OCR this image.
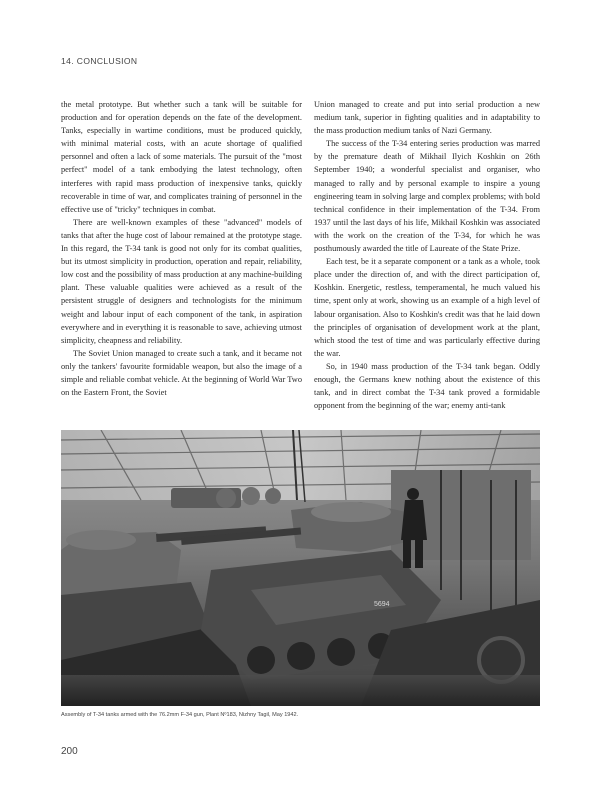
14. CONCLUSION

the metal prototype. But whether such a tank will be suitable for production and for operation depends on the fate of the development. Tanks, especially in wartime conditions, must be produced quickly, with minimal material costs, with an acute shortage of qualified personnel and often a lack of some materials. The pursuit of the "most perfect" model of a tank embodying the latest technology, often interferes with rapid mass production of inexpensive tanks, quickly recoverable in time of war, and complicates training of personnel in the effective use of "tricky" techniques in combat.

There are well-known examples of these "advanced" models of tanks that after the huge cost of labour remained at the prototype stage. In this regard, the T-34 tank is good not only for its combat qualities, but its utmost simplicity in production, operation and repair, reliability, low cost and the possibility of mass production at any machine-building plant. These valuable qualities were achieved as a result of the persistent struggle of designers and technologists for the minimum weight and labour input of each component of the tank, in aspiration everywhere and in everything it is reasonable to save, achieving utmost simplicity, cheapness and reliability.

The Soviet Union managed to create such a tank, and it became not only the tankers' favourite formidable weapon, but also the image of a simple and reliable combat vehicle. At the beginning of World War Two on the Eastern Front, the Soviet

Union managed to create and put into serial production a new medium tank, superior in fighting qualities and in adaptability to the mass production medium tanks of Nazi Germany.

The success of the T-34 entering series production was marred by the premature death of Mikhail Ilyich Koshkin on 26th September 1940; a wonderful specialist and organiser, who managed to rally and by personal example to inspire a young engineering team in solving large and complex problems; with bold technical confidence in their implementation of the T-34. From 1937 until the last days of his life, Mikhail Koshkin was associated with the work on the creation of the T-34, for which he was posthumously awarded the title of Laureate of the State Prize.

Each test, be it a separate component or a tank as a whole, took place under the direction of, and with the direct participation of, Koshkin. Energetic, restless, temperamental, he much valued his time, spent only at work, showing us an example of a high level of labour organisation. Also to Koshkin's credit was that he laid down the principles of organisation of development work at the plant, which stood the test of time and was particularly effective during the war.

So, in 1940 mass production of the T-34 tank began. Oddly enough, the Germans knew nothing about the existence of this tank, and in direct combat the T-34 tank proved a formidable opponent from the beginning of the war; enemy anti-tank

5694
Assembly of T-34 tanks armed with the 76.2mm F-34 gun, Plant Nº183, Nizhny Tagil, May 1942.
200
